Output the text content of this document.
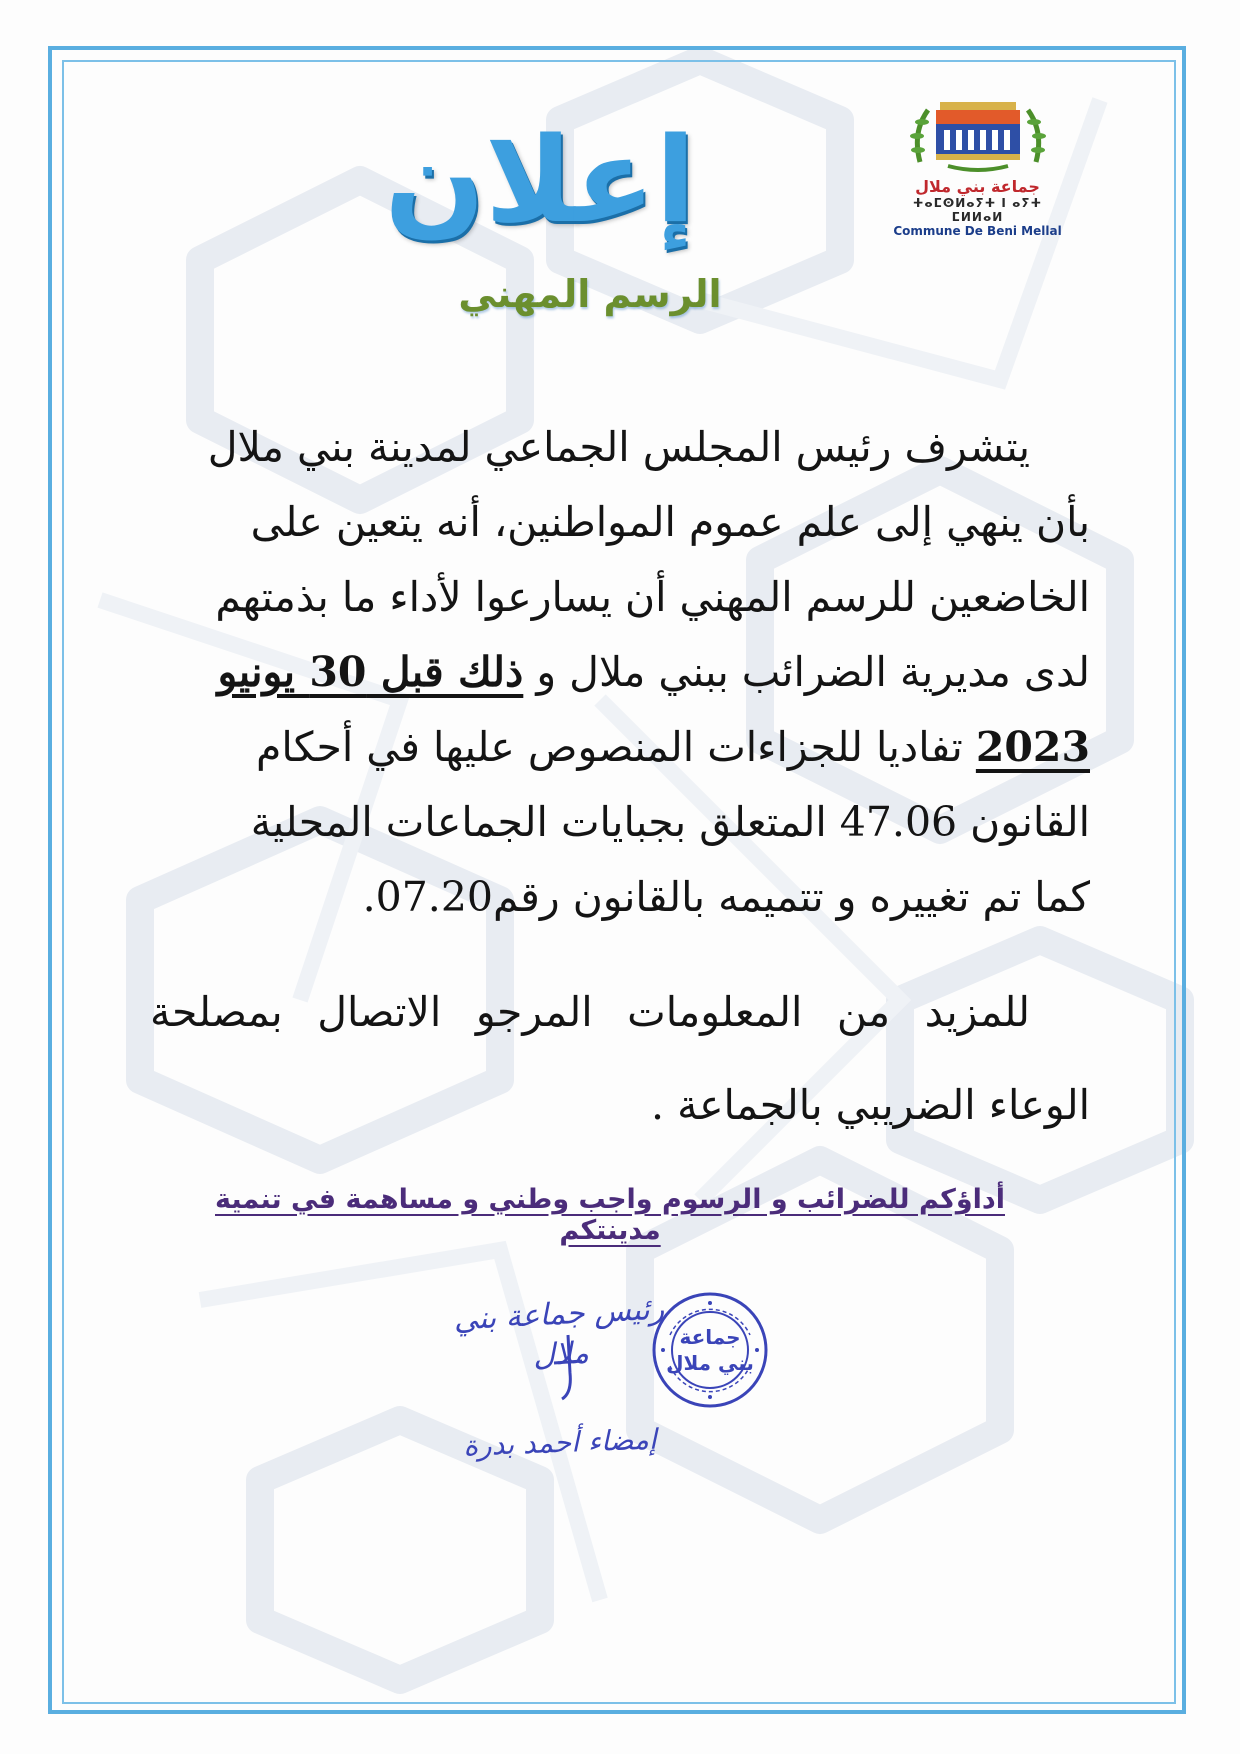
جماعة بني ملال
ⵜⴰⵎⵙⵍⴰⵢⵜ ⵏ ⴰⵢⵜ ⵎⵍⵍⴰⵍ
Commune De Beni Mellal
إعلان
الرسم المهني

يتشرف رئيس المجلس الجماعي لمدينة بني ملال

بأن ينهي إلى علم عموم المواطنين، أنه يتعين على

الخاضعين للرسم المهني أن يسارعوا لأداء ما بذمتهم

لدى مديرية الضرائب ببني ملال و ذلك قبل 30 يونيو

2023 تفاديا للجزاءات المنصوص عليها في أحكام

القانون 47.06 المتعلق بجبايات الجماعات المحلية

كما تم تغييره و تتميمه بالقانون رقم07.20.

للمزيد من المعلومات المرجو الاتصال بمصلحة

الوعاء الضريبي بالجماعة .

أداؤكم للضرائب و الرسوم واجب وطني و مساهمة في تنمية مدينتكم
رئيس جماعة بني ملال
إمضاء أحمد بدرة
جماعة
بني ملال
